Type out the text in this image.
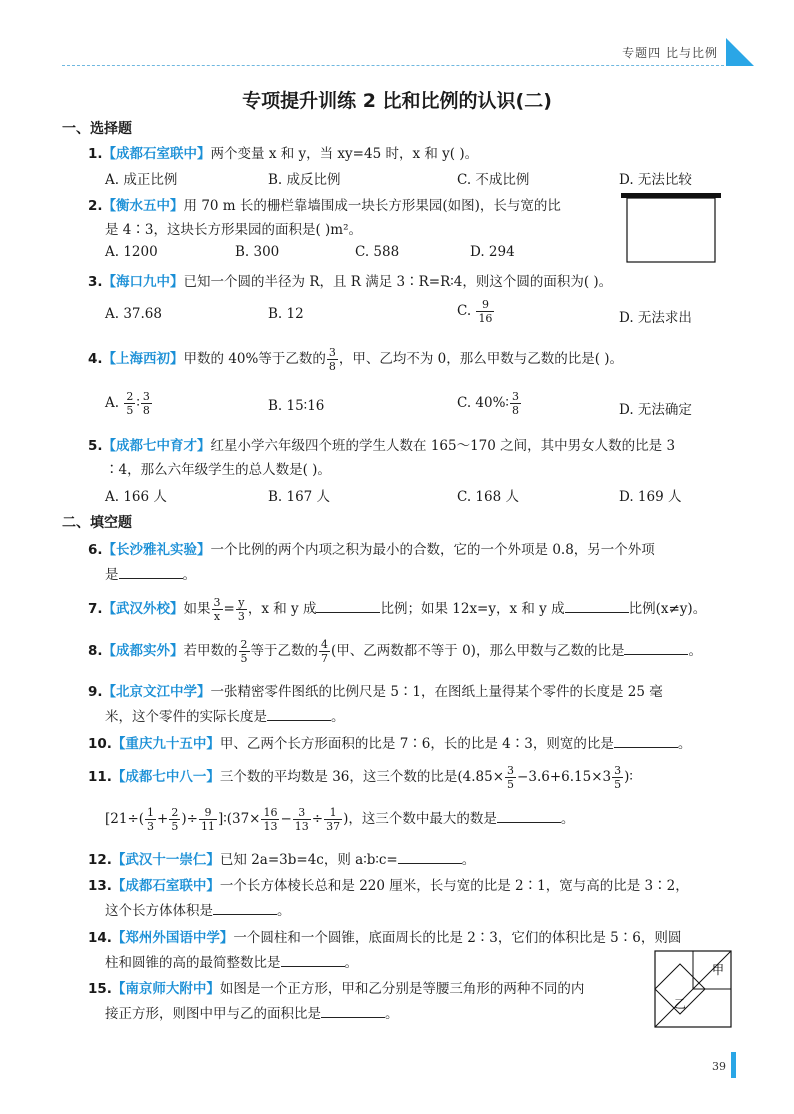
专题四 比与比例
专项提升训练 2 比和比例的认识(二)
一、选择题
1.【成都石室联中】两个变量 x 和 y，当 xy=45 时，x 和 y( )。
A. 成正比例	B. 成反比例	C. 不成比例	D. 无法比较
2.【衡水五中】用 70 m 长的栅栏靠墙围成一块长方形果园(如图)，长与宽的比
是 4∶3，这块长方形果园的面积是( )m²。
A. 1200	B. 300	C. 588	D. 294
3.【海口九中】已知一个圆的半径为 R，且 R 满足 3∶R=R∶4，则这个圆的面积为( )。
A. 37.68	B. 12	C. $\frac{9}{16}$	D. 无法求出
4.【上海西初】甲数的 40%等于乙数的 $\frac{3}{8}$ ，甲、乙均不为 0，那么甲数与乙数的比是( )。
A. $\frac{2}{5}$ ∶ $\frac{3}{8}$	B. 15∶16	C. 40%∶ $\frac{3}{8}$	D. 无法确定
5.【成都七中育才】红星小学六年级四个班的学生人数在 165～170 之间，其中男女人数的比是 3
∶4，那么六年级学生的总人数是( )。
A. 166 人	B. 167 人	C. 168 人	D. 169 人
二、填空题
6.【长沙雅礼实验】一个比例的两个内项之积为最小的合数，它的一个外项是 0.8，另一个外项
是	。
7.【武汉外校】如果 $\frac{3}{x} = \frac{y}{3}$ ，x 和 y 成	比例；如果 12x=y，x 和 y 成	比例(x≠y)。
8.【成都实外】若甲数的 $\frac{2}{5}$ 等于乙数的 $\frac{4}{7}$ (甲、乙两数都不等于 0)，那么甲数与乙数的比是	。
9.【北京文江中学】一张精密零件图纸的比例尺是 5∶1，在图纸上量得某个零件的长度是 25 毫
米，这个零件的实际长度是	。
10.【重庆九十五中】甲、乙两个长方形面积的比是 7∶6，长的比是 4∶3，则宽的比是	。
11.【成都七中八一】三个数的平均数是 36，这三个数的比是($4.85\times \frac{3}{5} -3.6+6.15\times 3 \frac{3}{5}$ )∶
[$21\div( \frac{1}{3} + \frac{2}{5}$ )÷ $\frac{9}{11}$ ]∶(37× $\frac{16}{13} - \frac{3}{13} \div \frac{1}{37}$ )，这三个数中最大的数是	。
12.【武汉十一崇仁】已知 2a=3b=4c，则 a∶b∶c=	。
13.【成都石室联中】一个长方体棱长总和是 220 厘米，长与宽的比是 2∶1，宽与高的比是 3∶2，
这个长方体体积是	。
14.【郑州外国语中学】一个圆柱和一个圆锥，底面周长的比是 2∶3，它们的体积比是 5∶6，则圆
柱和圆锥的高的最简整数比是	。
15.【南京师大附中】如图是一个正方形，甲和乙分别是等腰三角形的两种不同的内
接正方形，则图中甲与乙的面积比是	。
甲
乙
39
